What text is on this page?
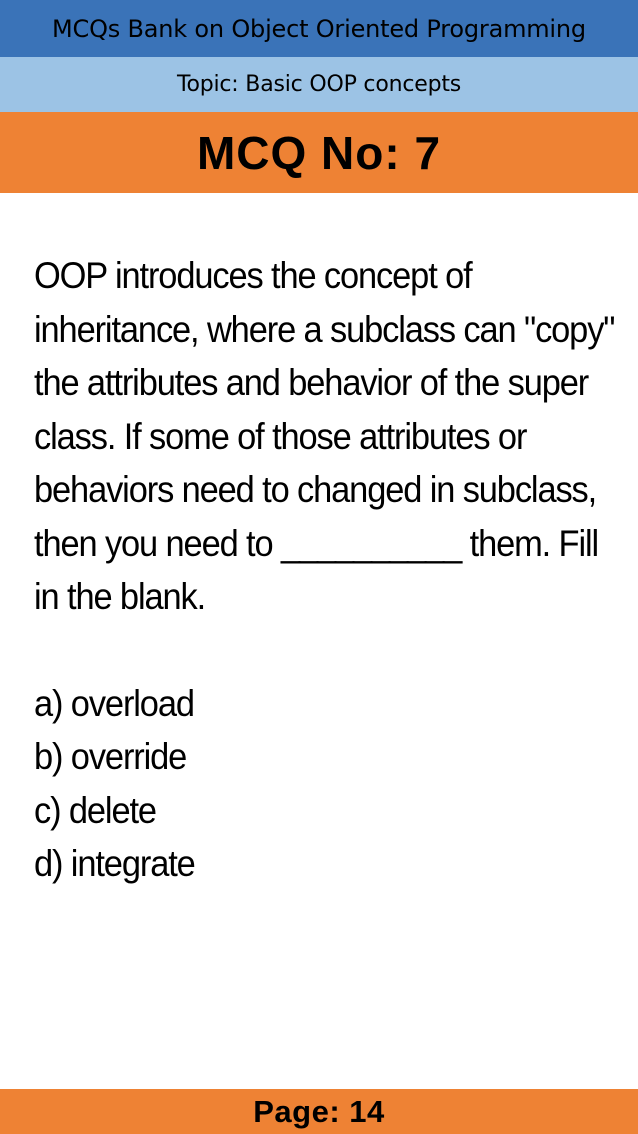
MCQs Bank on Object Oriented Programming
Topic: Basic OOP concepts
MCQ No: 7

OOP introduces the concept of inheritance, where a subclass can "copy" the attributes and behavior of the super class. If some of those attributes or behaviors need to changed in subclass, then you need to __________ them. Fill in the blank.

a) overload
b) override
c) delete
d) integrate
Page: 14
